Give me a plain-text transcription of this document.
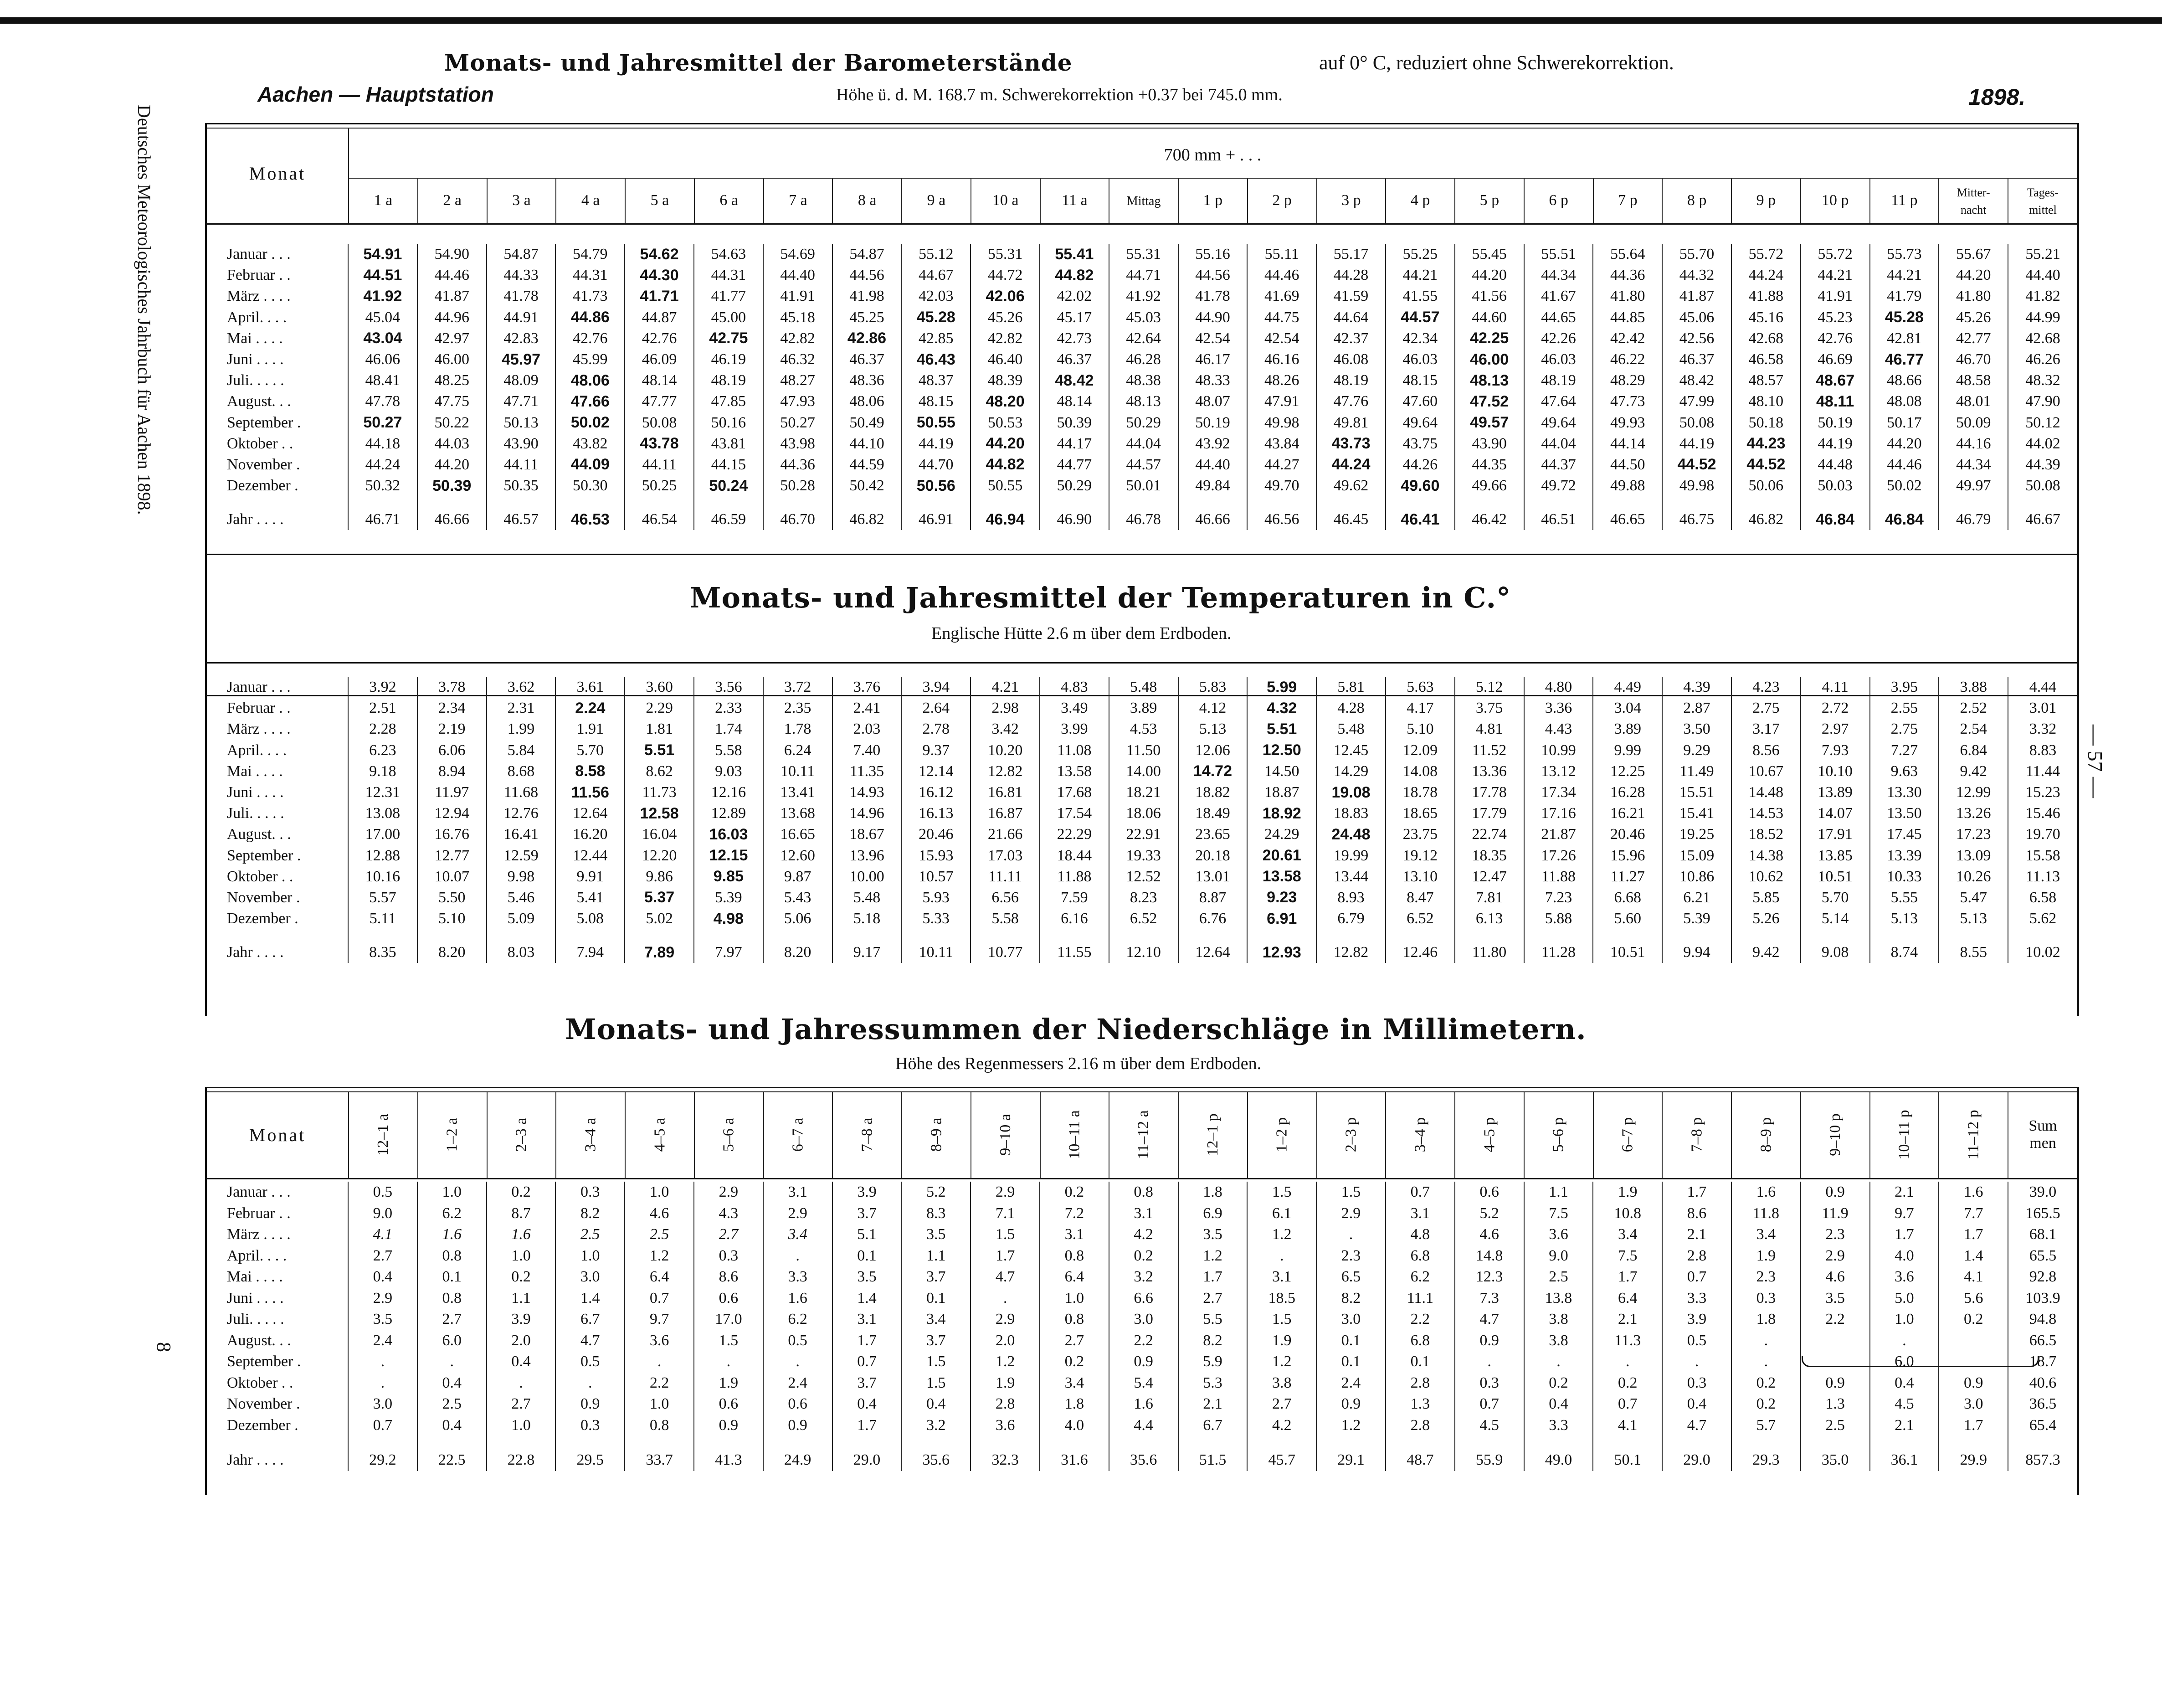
Deutsches Meteorologisches Jahrbuch für Aachen 1898.
— 57 —
8
Monats- und Jahresmittel der Barometerstände	auf 0° C, reduziert ohne Schwerekorrektion.
Aachen — Hauptstation	Höhe ü. d. M. 168.7 m. Schwerekorrektion +0.37 bei 745.0 mm.	1898.
Monat
700 mm + . . .
1 a	2 a	3 a	4 a	5 a	6 a	7 a	8 a	9 a	10 a	11 a	Mittag	1 p	2 p	3 p	4 p	5 p	6 p	7 p	8 p	9 p	10 p	11 p	Mitter-
nacht	Tages-
mittel
Januar . . .	54.91	54.90	54.87	54.79	54.62	54.63	54.69	54.87	55.12	55.31	55.41	55.31	55.16	55.11	55.17	55.25	55.45	55.51	55.64	55.70	55.72	55.72	55.73	55.67	55.21
Februar . .	44.51	44.46	44.33	44.31	44.30	44.31	44.40	44.56	44.67	44.72	44.82	44.71	44.56	44.46	44.28	44.21	44.20	44.34	44.36	44.32	44.24	44.21	44.21	44.20	44.40
März . . . .	41.92	41.87	41.78	41.73	41.71	41.77	41.91	41.98	42.03	42.06	42.02	41.92	41.78	41.69	41.59	41.55	41.56	41.67	41.80	41.87	41.88	41.91	41.79	41.80	41.82
April. . . .	45.04	44.96	44.91	44.86	44.87	45.00	45.18	45.25	45.28	45.26	45.17	45.03	44.90	44.75	44.64	44.57	44.60	44.65	44.85	45.06	45.16	45.23	45.28	45.26	44.99
Mai . . . .	43.04	42.97	42.83	42.76	42.76	42.75	42.82	42.86	42.85	42.82	42.73	42.64	42.54	42.54	42.37	42.34	42.25	42.26	42.42	42.56	42.68	42.76	42.81	42.77	42.68
Juni . . . .	46.06	46.00	45.97	45.99	46.09	46.19	46.32	46.37	46.43	46.40	46.37	46.28	46.17	46.16	46.08	46.03	46.00	46.03	46.22	46.37	46.58	46.69	46.77	46.70	46.26
Juli. . . . .	48.41	48.25	48.09	48.06	48.14	48.19	48.27	48.36	48.37	48.39	48.42	48.38	48.33	48.26	48.19	48.15	48.13	48.19	48.29	48.42	48.57	48.67	48.66	48.58	48.32
August. . .	47.78	47.75	47.71	47.66	47.77	47.85	47.93	48.06	48.15	48.20	48.14	48.13	48.07	47.91	47.76	47.60	47.52	47.64	47.73	47.99	48.10	48.11	48.08	48.01	47.90
September .	50.27	50.22	50.13	50.02	50.08	50.16	50.27	50.49	50.55	50.53	50.39	50.29	50.19	49.98	49.81	49.64	49.57	49.64	49.93	50.08	50.18	50.19	50.17	50.09	50.12
Oktober . .	44.18	44.03	43.90	43.82	43.78	43.81	43.98	44.10	44.19	44.20	44.17	44.04	43.92	43.84	43.73	43.75	43.90	44.04	44.14	44.19	44.23	44.19	44.20	44.16	44.02
November .	44.24	44.20	44.11	44.09	44.11	44.15	44.36	44.59	44.70	44.82	44.77	44.57	44.40	44.27	44.24	44.26	44.35	44.37	44.50	44.52	44.52	44.48	44.46	44.34	44.39
Dezember .	50.32	50.39	50.35	50.30	50.25	50.24	50.28	50.42	50.56	50.55	50.29	50.01	49.84	49.70	49.62	49.60	49.66	49.72	49.88	49.98	50.06	50.03	50.02	49.97	50.08

Jahr . . . .	46.71	46.66	46.57	46.53	46.54	46.59	46.70	46.82	46.91	46.94	46.90	46.78	46.66	46.56	46.45	46.41	46.42	46.51	46.65	46.75	46.82	46.84	46.84	46.79	46.67
Monats- und Jahresmittel der Temperaturen in C.°
Englische Hütte 2.6 m über dem Erdboden.
Januar . . .	3.92	3.78	3.62	3.61	3.60	3.56	3.72	3.76	3.94	4.21	4.83	5.48	5.83	5.99	5.81	5.63	5.12	4.80	4.49	4.39	4.23	4.11	3.95	3.88	4.44
Februar . .	2.51	2.34	2.31	2.24	2.29	2.33	2.35	2.41	2.64	2.98	3.49	3.89	4.12	4.32	4.28	4.17	3.75	3.36	3.04	2.87	2.75	2.72	2.55	2.52	3.01
März . . . .	2.28	2.19	1.99	1.91	1.81	1.74	1.78	2.03	2.78	3.42	3.99	4.53	5.13	5.51	5.48	5.10	4.81	4.43	3.89	3.50	3.17	2.97	2.75	2.54	3.32
April. . . .	6.23	6.06	5.84	5.70	5.51	5.58	6.24	7.40	9.37	10.20	11.08	11.50	12.06	12.50	12.45	12.09	11.52	10.99	9.99	9.29	8.56	7.93	7.27	6.84	8.83
Mai . . . .	9.18	8.94	8.68	8.58	8.62	9.03	10.11	11.35	12.14	12.82	13.58	14.00	14.72	14.50	14.29	14.08	13.36	13.12	12.25	11.49	10.67	10.10	9.63	9.42	11.44
Juni . . . .	12.31	11.97	11.68	11.56	11.73	12.16	13.41	14.93	16.12	16.81	17.68	18.21	18.82	18.87	19.08	18.78	17.78	17.34	16.28	15.51	14.48	13.89	13.30	12.99	15.23
Juli. . . . .	13.08	12.94	12.76	12.64	12.58	12.89	13.68	14.96	16.13	16.87	17.54	18.06	18.49	18.92	18.83	18.65	17.79	17.16	16.21	15.41	14.53	14.07	13.50	13.26	15.46
August. . .	17.00	16.76	16.41	16.20	16.04	16.03	16.65	18.67	20.46	21.66	22.29	22.91	23.65	24.29	24.48	23.75	22.74	21.87	20.46	19.25	18.52	17.91	17.45	17.23	19.70
September .	12.88	12.77	12.59	12.44	12.20	12.15	12.60	13.96	15.93	17.03	18.44	19.33	20.18	20.61	19.99	19.12	18.35	17.26	15.96	15.09	14.38	13.85	13.39	13.09	15.58
Oktober . .	10.16	10.07	9.98	9.91	9.86	9.85	9.87	10.00	10.57	11.11	11.88	12.52	13.01	13.58	13.44	13.10	12.47	11.88	11.27	10.86	10.62	10.51	10.33	10.26	11.13
November .	5.57	5.50	5.46	5.41	5.37	5.39	5.43	5.48	5.93	6.56	7.59	8.23	8.87	9.23	8.93	8.47	7.81	7.23	6.68	6.21	5.85	5.70	5.55	5.47	6.58
Dezember .	5.11	5.10	5.09	5.08	5.02	4.98	5.06	5.18	5.33	5.58	6.16	6.52	6.76	6.91	6.79	6.52	6.13	5.88	5.60	5.39	5.26	5.14	5.13	5.13	5.62

Jahr . . . .	8.35	8.20	8.03	7.94	7.89	7.97	8.20	9.17	10.11	10.77	11.55	12.10	12.64	12.93	12.82	12.46	11.80	11.28	10.51	9.94	9.42	9.08	8.74	8.55	10.02
Monats- und Jahressummen der Niederschläge in Millimetern.
Höhe des Regenmessers 2.16 m über dem Erdboden.
Monat	12–1 a	1–2 a	2–3 a	3–4 a	4–5 a	5–6 a	6–7 a	7–8 a	8–9 a	9–10 a	10–11 a	11–12 a	12–1 p	1–2 p	2–3 p	3–4 p	4–5 p	5–6 p	6–7 p	7–8 p	8–9 p	9–10 p	10–11 p	11–12 p	Sum
men
Januar . . .	0.5	1.0	0.2	0.3	1.0	2.9	3.1	3.9	5.2	2.9	0.2	0.8	1.8	1.5	1.5	0.7	0.6	1.1	1.9	1.7	1.6	0.9	2.1	1.6	39.0
Februar . .	9.0	6.2	8.7	8.2	4.6	4.3	2.9	3.7	8.3	7.1	7.2	3.1	6.9	6.1	2.9	3.1	5.2	7.5	10.8	8.6	11.8	11.9	9.7	7.7	165.5
März . . . .	4.1	1.6	1.6	2.5	2.5	2.7	3.4	5.1	3.5	1.5	3.1	4.2	3.5	1.2	.	4.8	4.6	3.6	3.4	2.1	3.4	2.3	1.7	1.7	68.1
April. . . .	2.7	0.8	1.0	1.0	1.2	0.3	.	0.1	1.1	1.7	0.8	0.2	1.2	.	2.3	6.8	14.8	9.0	7.5	2.8	1.9	2.9	4.0	1.4	65.5
Mai . . . .	0.4	0.1	0.2	3.0	6.4	8.6	3.3	3.5	3.7	4.7	6.4	3.2	1.7	3.1	6.5	6.2	12.3	2.5	1.7	0.7	2.3	4.6	3.6	4.1	92.8
Juni . . . .	2.9	0.8	1.1	1.4	0.7	0.6	1.6	1.4	0.1	.	1.0	6.6	2.7	18.5	8.2	11.1	7.3	13.8	6.4	3.3	0.3	3.5	5.0	5.6	103.9
Juli. . . . .	3.5	2.7	3.9	6.7	9.7	17.0	6.2	3.1	3.4	2.9	0.8	3.0	5.5	1.5	3.0	2.2	4.7	3.8	2.1	3.9	1.8	2.2	1.0	0.2	94.8
August. . .	2.4	6.0	2.0	4.7	3.6	1.5	0.5	1.7	3.7	2.0	2.7	2.2	8.2	1.9	0.1	6.8	0.9	3.8	11.3	0.5	.		.		66.5
September .	.	.	0.4	0.5	.	.	.	0.7	1.5	1.2	0.2	0.9	5.9	1.2	0.1	0.1	.	.	.	.	.		6.0		18.7
Oktober . .	.	0.4	.	.	2.2	1.9	2.4	3.7	1.5	1.9	3.4	5.4	5.3	3.8	2.4	2.8	0.3	0.2	0.2	0.3	0.2	0.9	0.4	0.9	40.6
November .	3.0	2.5	2.7	0.9	1.0	0.6	0.6	0.4	0.4	2.8	1.8	1.6	2.1	2.7	0.9	1.3	0.7	0.4	0.7	0.4	0.2	1.3	4.5	3.0	36.5
Dezember .	0.7	0.4	1.0	0.3	0.8	0.9	0.9	1.7	3.2	3.6	4.0	4.4	6.7	4.2	1.2	2.8	4.5	3.3	4.1	4.7	5.7	2.5	2.1	1.7	65.4

Jahr . . . .	29.2	22.5	22.8	29.5	33.7	41.3	24.9	29.0	35.6	32.3	31.6	35.6	51.5	45.7	29.1	48.7	55.9	49.0	50.1	29.0	29.3	35.0	36.1	29.9	857.3
